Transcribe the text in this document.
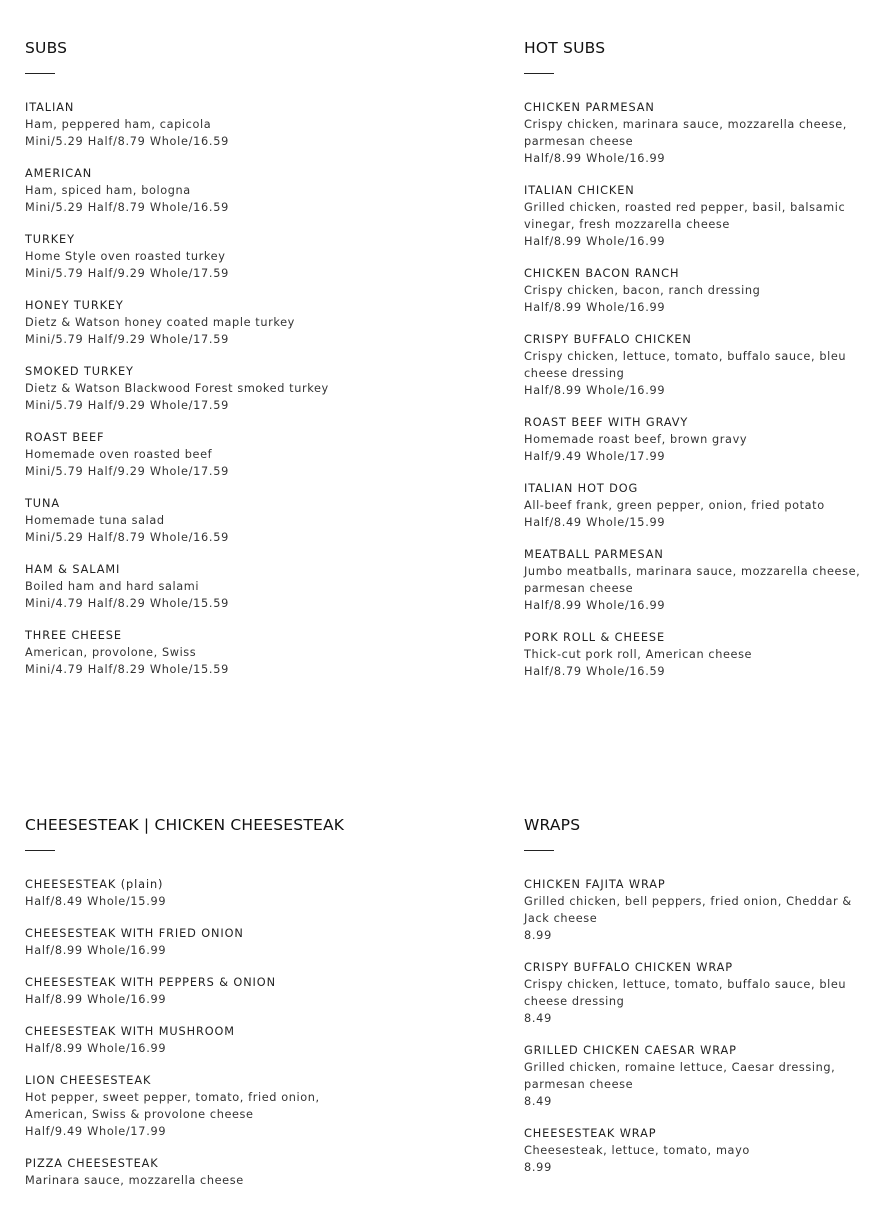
SUBS
ITALIAN
Ham, peppered ham, capicola
Mini/5.29 Half/8.79 Whole/16.59
AMERICAN
Ham, spiced ham, bologna
Mini/5.29 Half/8.79 Whole/16.59
TURKEY
Home Style oven roasted turkey
Mini/5.79 Half/9.29 Whole/17.59
HONEY TURKEY
Dietz & Watson honey coated maple turkey
Mini/5.79 Half/9.29 Whole/17.59
SMOKED TURKEY
Dietz & Watson Blackwood Forest smoked turkey
Mini/5.79 Half/9.29 Whole/17.59
ROAST BEEF
Homemade oven roasted beef
Mini/5.79 Half/9.29 Whole/17.59
TUNA
Homemade tuna salad
Mini/5.29 Half/8.79 Whole/16.59
HAM & SALAMI
Boiled ham and hard salami
Mini/4.79 Half/8.29 Whole/15.59
THREE CHEESE
American, provolone, Swiss
Mini/4.79 Half/8.29 Whole/15.59
HOT SUBS
CHICKEN PARMESAN
Crispy chicken, marinara sauce, mozzarella cheese, parmesan cheese
Half/8.99 Whole/16.99
ITALIAN CHICKEN
Grilled chicken, roasted red pepper, basil, balsamic vinegar, fresh mozzarella cheese
Half/8.99 Whole/16.99
CHICKEN BACON RANCH
Crispy chicken, bacon, ranch dressing
Half/8.99 Whole/16.99
CRISPY BUFFALO CHICKEN
Crispy chicken, lettuce, tomato, buffalo sauce, bleu cheese dressing
Half/8.99 Whole/16.99
ROAST BEEF WITH GRAVY
Homemade roast beef, brown gravy
Half/9.49 Whole/17.99
ITALIAN HOT DOG
All-beef frank, green pepper, onion, fried potato
Half/8.49 Whole/15.99
MEATBALL PARMESAN
Jumbo meatballs, marinara sauce, mozzarella cheese, parmesan cheese
Half/8.99 Whole/16.99
PORK ROLL & CHEESE
Thick-cut pork roll, American cheese
Half/8.79 Whole/16.59
CHEESESTEAK | CHICKEN CHEESESTEAK
CHEESESTEAK (plain)
Half/8.49 Whole/15.99
CHEESESTEAK WITH FRIED ONION
Half/8.99 Whole/16.99
CHEESESTEAK WITH PEPPERS & ONION
Half/8.99 Whole/16.99
CHEESESTEAK WITH MUSHROOM
Half/8.99 Whole/16.99
LION CHEESESTEAK
Hot pepper, sweet pepper, tomato, fried onion, American, Swiss & provolone cheese
Half/9.49 Whole/17.99
PIZZA CHEESESTEAK
Marinara sauce, mozzarella cheese
WRAPS
CHICKEN FAJITA WRAP
Grilled chicken, bell peppers, fried onion, Cheddar & Jack cheese
8.99
CRISPY BUFFALO CHICKEN WRAP
Crispy chicken, lettuce, tomato, buffalo sauce, bleu cheese dressing
8.49
GRILLED CHICKEN CAESAR WRAP
Grilled chicken, romaine lettuce, Caesar dressing, parmesan cheese
8.49
CHEESESTEAK WRAP
Cheesesteak, lettuce, tomato, mayo
8.99
